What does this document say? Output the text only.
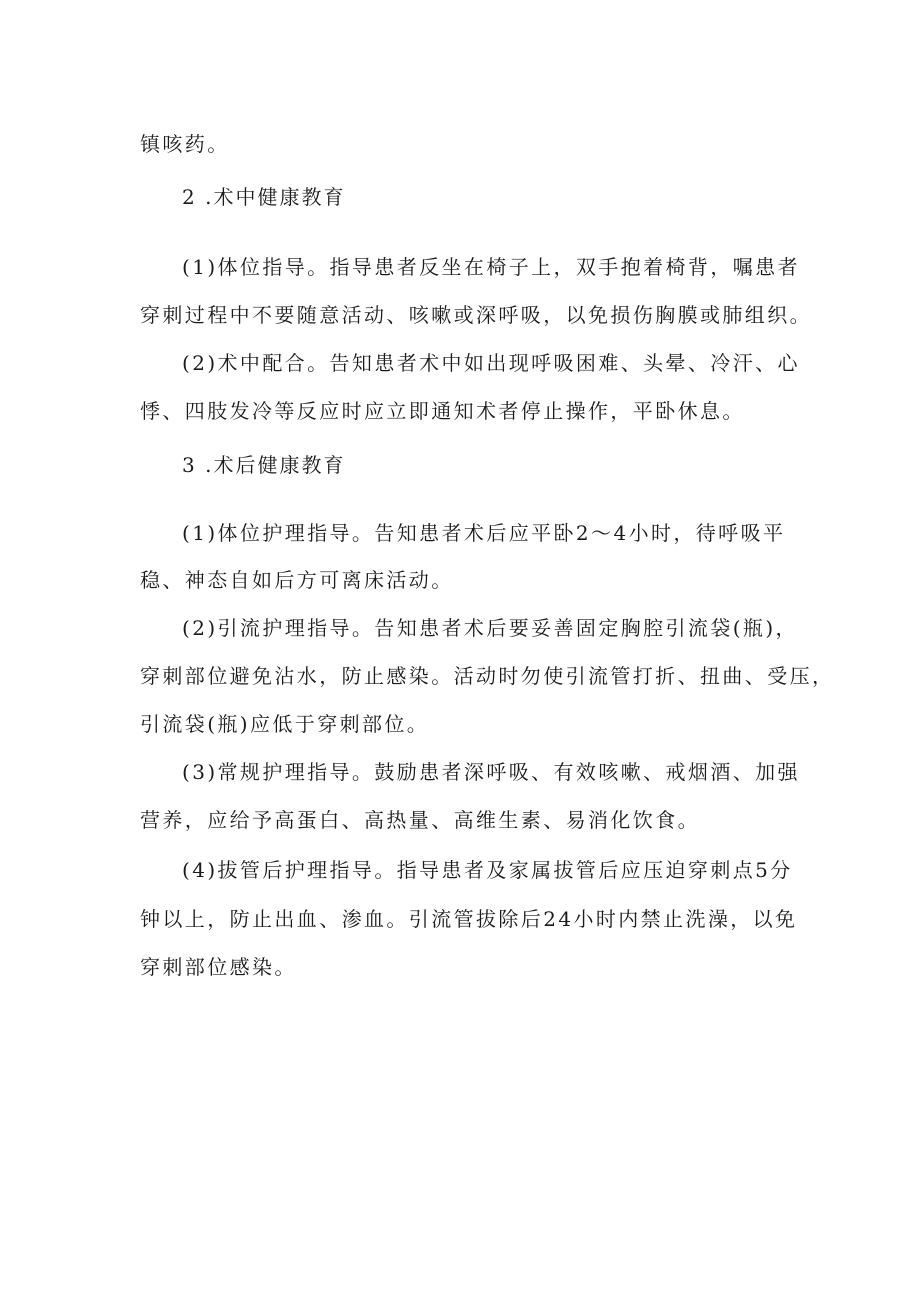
镇咳药。
2 .术中健康教育
(1)体位指导。指导患者反坐在椅子上，双手抱着椅背，嘱患者
穿刺过程中不要随意活动、咳嗽或深呼吸，以免损伤胸膜或肺组织。
(2)术中配合。告知患者术中如出现呼吸困难、头晕、冷汗、心
悸、四肢发冷等反应时应立即通知术者停止操作，平卧休息。
3 .术后健康教育
(1)体位护理指导。告知患者术后应平卧2～4小时，待呼吸平
稳、神态自如后方可离床活动。
(2)引流护理指导。告知患者术后要妥善固定胸腔引流袋(瓶)，
穿刺部位避免沾水，防止感染。活动时勿使引流管打折、扭曲、受压，
引流袋(瓶)应低于穿刺部位。
(3)常规护理指导。鼓励患者深呼吸、有效咳嗽、戒烟酒、加强
营养，应给予高蛋白、高热量、高维生素、易消化饮食。
(4)拔管后护理指导。指导患者及家属拔管后应压迫穿刺点5分
钟以上，防止出血、渗血。引流管拔除后24小时内禁止洗澡，以免
穿刺部位感染。
